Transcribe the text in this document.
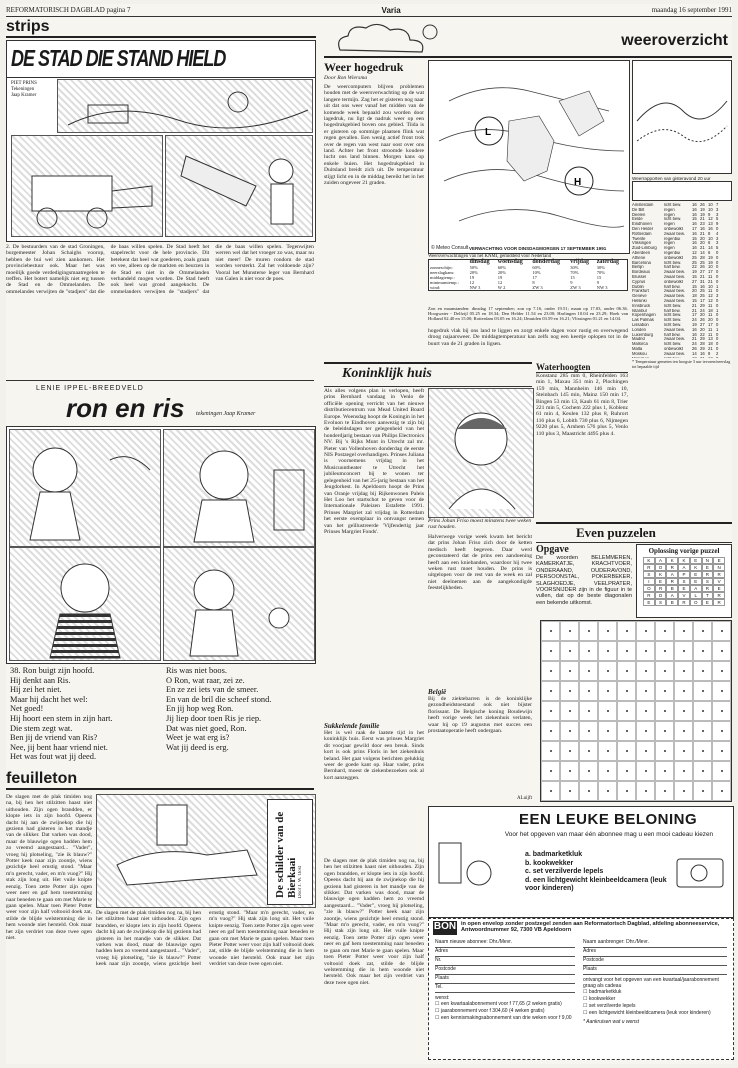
REFORMATORISCH DAGBLAD pagina 7	Varia	maandag 16 september 1991
strips
DE STAD DIE STAND HIELD
PIET PRINS
Tekeningen
Jaap Kramer
2. De bestuurders van de stad Groningen, burgemeester Johan Schaighs voorop, hebben de bui wel zien aankomen. Het provinciebestuur ook. Maar het was moeilijk goede verdedigingsmaatregelen te treffen. Het botert namelijk niet erg tussen de Stad en de Ommelanden. De ommelandes verwijten de "stadjers" dat die de baas willen spelen. De Stad heeft het stapelrecht voor de hele provincie. Dit betekent dat heel wat goederen, zoals graan en vee, alleen op de markten en beurzen in de Stad en niet in de Ommelanden verhandeld mogen worden. De Stad heeft ook heel wat grond aangekocht. De ommelanders verwijten de "stadjers" dat die de baas willen spelen. Tegenwijten werren wel dat het vroeger zo was, maar nu niet meer! De muren rondom de stad worden versterkt. Zal het voldoende zijn? Vooral het Munsterse leger van Bernhard van Galen is niet voor de poes.
LENIE IPPEL-BREEDVELD
ron en ris tekeningen Jaap Kramer
38. Ron buigt zijn hoofd.
Hij denkt aan Ris.
Hij zei het niet.
Maar hij dacht het wel:
Net goed!
Hij hoort een stem in zijn hart.
Die stem zegt wat.
Ben jij de vriend van Ris?
Nee, jij bent haar vriend niet.
Het was fout wat jij deed.
Ris was niet boos.
O Ron, wat raar, zei ze.
En ze zei iets van de smeer.
En van de bril die scheef stond.
En jij hop weg Ron.
Jij liep door toen Ris je riep.
Dat was niet goed, Ron.
Weet je wat erg is?
Wat jij deed is erg.
feuilleton
De schilder van de Bierkaai Door J. W. Oost
De slagen met de plak timiden nog na, bij hen het stilzitten haast niet uithouden. Zijn ogen brandden, er klopte iets in zijn hoofd. Opeens dacht hij aan de zwijnekop die hij gezienn had gisteren in het mandje van de slikker. Dat varken was dood, maar de blauwige ogen hadden hem zo vreemd aangestaard... "Vader", vroeg hij plotseling, "zie ik blauw?" Potter keek naar zijn zoontje, wiens gezichtje heel ernstig stond. "Maar m'n gerecht, vader, en m'n vuog?" Hij stak zijn long uit. Het vuile knipte eenzig. Toen zette Potter zijn ogen weer neer en gaf hem toestemming naar beneden te gaan om met Marie te gaan spelen. Maar toen Pieter Potter weer voor zijn half voltooid doek zat, stilde de blijde welstemming die in hem woonde niet hersteld. Ook maar het zijn verdriet van deze twee ogen niet.
De slagen met de plak timiden nog na, bij hen het stilzitten haast niet uithouden. Zijn ogen brandden, er klopte iets in zijn hoofd. Opeens dacht hij aan de zwijnekop die hij gezienn had gisteren in het mandje van de slikker. Dat varken was dood, maar de blauwige ogen hadden hem zo vreemd aangestaard... "Vader", vroeg hij plotseling, "zie ik blauw?" Potter keek naar zijn zoontje, wiens gezichtje heel ernstig stond. "Maar m'n gerecht, vader, en m'n vuog?" Hij stak zijn long uit. Het vuile knipte eenzig. Toen zette Potter zijn ogen weer neer en gaf hem toestemming naar beneden te gaan om met Marie te gaan spelen. Maar toen Pieter Potter weer voor zijn half voltooid doek zat, stilde de blijde welstemming die in hem woonde niet hersteld. Ook maar het zijn verdriet van deze twee ogen niet.
weeroverzicht
Weer hogedruk
Door Ron Wiersma
De weercomputers blijven problemen houden met de weersverwachting op de wat langere termijn. Zag het er gisteren nog naar uit dat ons weer vanaf het midden van de komende week bepaald zou worden door lagedruk, nu ligt de nadruk weer op een hogedrukgebied boven ons gebied. Tiida is er gisteren op sommige plaatsen flink wat regen gevallen. Een wenig actief front trok over de regen van west naar oost over ons land. Achter het front stroomde koudere lucht ons land binnen. Morgen kans op enkele buien. Het hogedrukgebied in Duitsland breidt zich uit. De temperatuur stijgt licht en in de middag bereikt het in het zuiden ongeveer 21 graden.
L
H
© Meteo Consult VERWACHTING VOOR DINSDAGMORGEN 17 SEPTEMBER 1991
Weersverwachtingen van het KNMI, gemiddeld voor Nederland
	dinsdag	woensdag	donderdag	vrijdag	zaterdag
zonneschijn:	50%	60%	60%	30%	30%
neerslagkans:	20%	20%	10%	70%	70%
middagtemp.:	19	19	17	15	15
minimumtemp.:	12	12	8	9	9
wind:	NW 3	W 2	ZW 3	ZW 3	NW 3
Zon en maanstanden: dinsdag 17 september; zon op 7.16, onder 19.51; maan op 17.03, onder 06.36. Hoogwater - Delfzijl 05.25 en 18.34; Den Helder 11.54 en 23.00; Harlingen 10.04 en 23.29; Hoek van Holland 02.40 en 15.00; Rotterdam 03.05 en 16.24; IJmuiden 03.59 en 16.21; Vlissingen 01.21 en 14.04.
Weerrapporten van gisteravond 20 uur
Amsterdam	licht bew.	16 26 10 7
De Bilt	regen	16 19 10 3
Deelen	regen	16 19 9	3
Eelde	licht bew.	15 21 12 5
Eindhoven	regen	16 23 13 9
Den Helder	onbewolkt	17 16 16 0
Rotterdam	zwaar bew.	16 21 8	4
Twente	regenbui	15 20 10 3
Vlissingen	regen	16 20 6	3
Zuid-Limburg	regen	16 21 14 5
Aberdeen	regenbui	12 14 6	0
Athene	onbewolkt	25 28 19 0
Barcelona	licht bew.	25 25 19 0
Berlijn	half bew.	22 26 10 0
Bordeaux	zwaar bew.	19 27 17 0
Brussel	zwaar bew.	15 21 11 0
Cyprus	onbewolkt	27 31 21 0
Dublin	half bew.	15 16 10 1
Frankfurt	zwaar bew.	20 25 11 0
Genève	zwaar bew.	18 25 12 3
Helsinki	zwaar bew.	15 17 12 0
Innsbruck	licht bew.	21 29 11 0
Istanbul	half bew.	21 24 18 1
Kopenhagen	licht bew.	17 20 11 0
Las Palmas	licht bew.	24 26 20 0
Lissabon	licht bew.	19 27 17 0
Londen	zwaar bew.	16 20 11 1
Luxemburg	half bew.	16 22 11 0
Madrid	zwaar bew.	21 29 13 0
Mallorca	licht bew.	24 28 18 0
Malta	onbewolkt	26 29 21 0
Moskou	zwaar bew.	14 16 8	2
hogedruk vlak bij ons land te liggen en zorgt enkele dagen voor rustig en overwegend droog najaarsweer. De middagtemperatuur kan zelfs nog een keertje oplopen tot in de buurt van de 21 graden in ligsen.
Koninklijk huis
Als alles volgens plan is verlopen, heeft prins Bernhard vandaag in Venlo de officiële opening verricht van het nieuwe distributiecentrum van Mead United Board Europe. Woensdag hoopt de Koningin in het Evoluon te Eindhoven aanwezig te zijn bij de beleidsdagen ter gelegenheid van het honderdjarig bestaan van Philips Electronics NV. Bij 's Rijks Munt in Utrecht zal mr. Pieter van Vollenhoven donderdag de eerste NIS Postzegel overhandigen. Prinses Juliana is voornemens vrijdag in het Musicuuntheater te Utrecht het jubileumconcert bij te wonen ter gelegenheid van het 25-jarig bestaan van het Jeugdorkest. In Apeldoorn hoopt de Prins van Oranje vrijdag bij Rijkenwonen Paleis Het Loo het startschot te geven voor de Internationale Paleizen Estafette 1991. Prinses Margriet zal vrijdag in Rotterdam het eerste exemplaar in ontvangst nemen van het geïllustreerde 'Vijfendertig jaar Prinses Margriet Fonds'.
Sukkelende familie
Het is wel raak de laatste tijd in het koninklijk huis. Eerst was prinses Margriet dit voorjaar gewild door een breuk. Sinds kort is ook prins Floris in het ziekenhuis beland. Het gaat volgens berichten gelukkig weer de goede kant op. Haar vader, prins Bernhard, moest de ziekenbezoeken ook al kort aanzeggen.
Prins Johan Friso moest minstens twee weken rust houden.
Halverwege vorige week kwam het bericht dat prins Johan Friso zich door de ketten medisch heeft begeven. Daar werd geconstateerd dat de prins een aandoening heeft aan een kniebanden, waardoor hij twee weken rust moet houden. De prins is uitgelopen voor de rest van de week en zal niet deelnemen aan de aangekondigde feestelijkheden.
België
Bij de ziektebarren is de koninklijke gezondheidstoestand ook niet bijster florissant. De Belgische koning Boudewijn heeft vorige week het ziekenhuis verlaten, waar hij op 19 augustus met succes een prostaatoperatie heeft ondergaan.
ALuijft
Waterhoogten
Konstanz 285 mm 0, Rheinfelden 163 min 1, Maxau 351 min 2, Plochingen 159 min, Mannheim 146 min 10, Steinbach 145 min, Mainz 150 min 17, Bingen 53 min 13, Kaub 61 min 8, Trier 221 min 5, Cochem 222 plus 1, Koblenz 61 min 4, Keulen 132 plus 8, Ruhrort 116 plus 6, Lobith 730 plus 6, Nijmegen 9220 plus 5, Arnhem 576 plus 5, Venlo 110 plus 3, Maastricht 4495 plus 4.
* Temperatuur gemeten ten hoogste 3 uur tevoren/neerslag tot bepaalde tijd
Even puzzelen
Opgave
De woorden BELEMMEREN, KAMERKATJE, KRACHTVOER, ONDERAAND, OUDERAVOND, PERSOONSTAL, POKERBEKER, SLAGHOEDJE, VEELPRATER, VOORSNIJDER zijn in de figuur in te vullen, dat op de beste diagonalen een bekende uitkomst.
Oplossing vorige puzzel
K	A	K	K	E	N	E
R	O	R	A	K	E	N
S	K	A	P	E	R	R
I	E	R	S	E	S	V
O	R	B	E	A	R	E
R	D	A	V	L	T	R
E	S	B	R	O	E	R
EEN LEUKE BELONING
Voor het opgeven van maar één abonnee mag u een mooi cadeau kiezen
a. badmarketkluk
b. kookwekker
c. set verzilverde lepels
d. een lichtgewicht kleinbeeldcamera (leuk voor kinderen)
BON in open envelop zonder postzegel zenden aan Reformatorisch Dagblad, afdeling abonneeservice, Antwoordnummer 92, 7300 VB Apeldoorn
Naam nieuwe abonnee: Dhr./Mevr.
Adres
Nr.
Postcode
Plaats
Tel.
wenst:
☐ een kwartaalabonnement voor f 77,65 (2 weken gratis)
☐ jaarabonnement voor f 304,60 (4 weken gratis)
☐ een kennismakingsabonnement van drie weken voor f 9,00
Naam aanbrenger: Dhr./Mevr.
Adres
Postcode
Plaats
ontvangt voor het opgeven van een kwartaal/jaarabonnement graag als cadeau
☐ badmarketkluk
☐ kookwekker
☐ set verzilverde lepels
☐ een lichtgewicht kleinbeeldcamera (leuk voor kinderen)
* Aankruisen wat u wenst
De slagen met de plak timiden nog na, bij hen het stilzitten haast niet uithouden. Zijn ogen brandden, er klopte iets in zijn hoofd. Opeens dacht hij aan de zwijnekop die hij gezienn had gisteren in het mandje van de slikker. Dat varken was dood, maar de blauwige ogen hadden hem zo vreemd aangestaard... "Vader", vroeg hij plotseling, "zie ik blauw?" Potter keek naar zijn zoontje, wiens gezichtje heel ernstig stond. "Maar m'n gerecht, vader, en m'n vuog?" Hij stak zijn long uit. Het vuile knipte eenzig. Toen zette Potter zijn ogen weer neer en gaf hem toestemming naar beneden te gaan om met Marie te gaan spelen. Maar toen Pieter Potter weer voor zijn half voltooid doek zat, stilde de blijde welstemming die in hem woonde niet hersteld. Ook maar het zijn verdriet van deze twee ogen niet.
